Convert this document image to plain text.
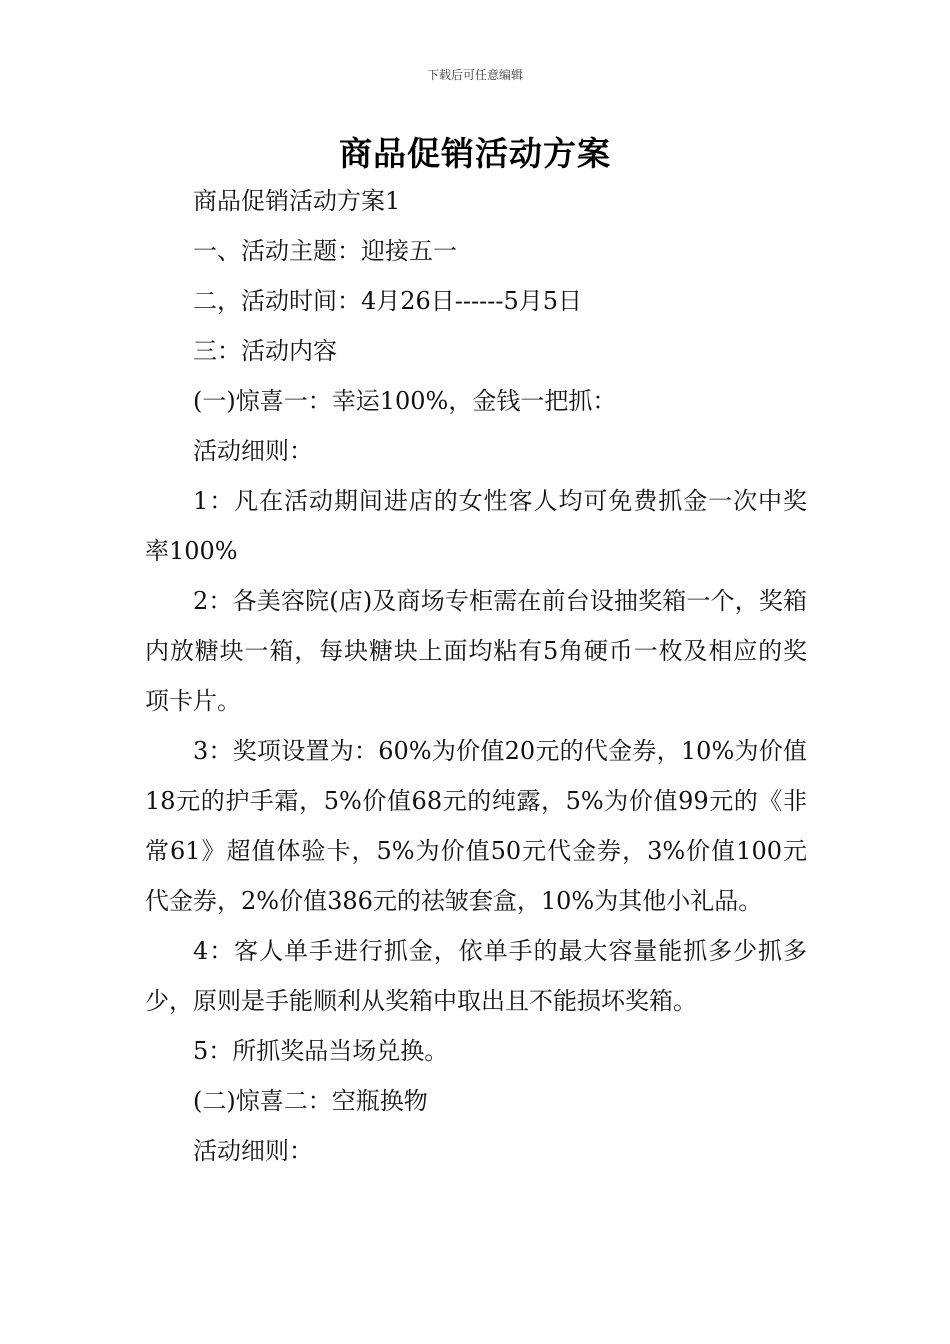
下载后可任意编辑
商品促销活动方案

商品促销活动方案1

一、活动主题：迎接五一

二，活动时间：4月26日------5月5日

三：活动内容

(一)惊喜一：幸运100%，金钱一把抓：

活动细则：

1：凡在活动期间进店的女性客人均可免费抓金一次中奖率100%

2：各美容院(店)及商场专柜需在前台设抽奖箱一个，奖箱内放糖块一箱，每块糖块上面均粘有5角硬币一枚及相应的奖项卡片。

3：奖项设置为：60%为价值20元的代金券，10%为价值18元的护手霜，5%价值68元的纯露，5%为价值99元的《非常61》超值体验卡，5%为价值50元代金券，3%价值100元代金券，2%价值386元的祛皱套盒，10%为其他小礼品。

4：客人单手进行抓金，依单手的最大容量能抓多少抓多少，原则是手能顺利从奖箱中取出且不能损坏奖箱。

5：所抓奖品当场兑换。

(二)惊喜二：空瓶换物

活动细则：
